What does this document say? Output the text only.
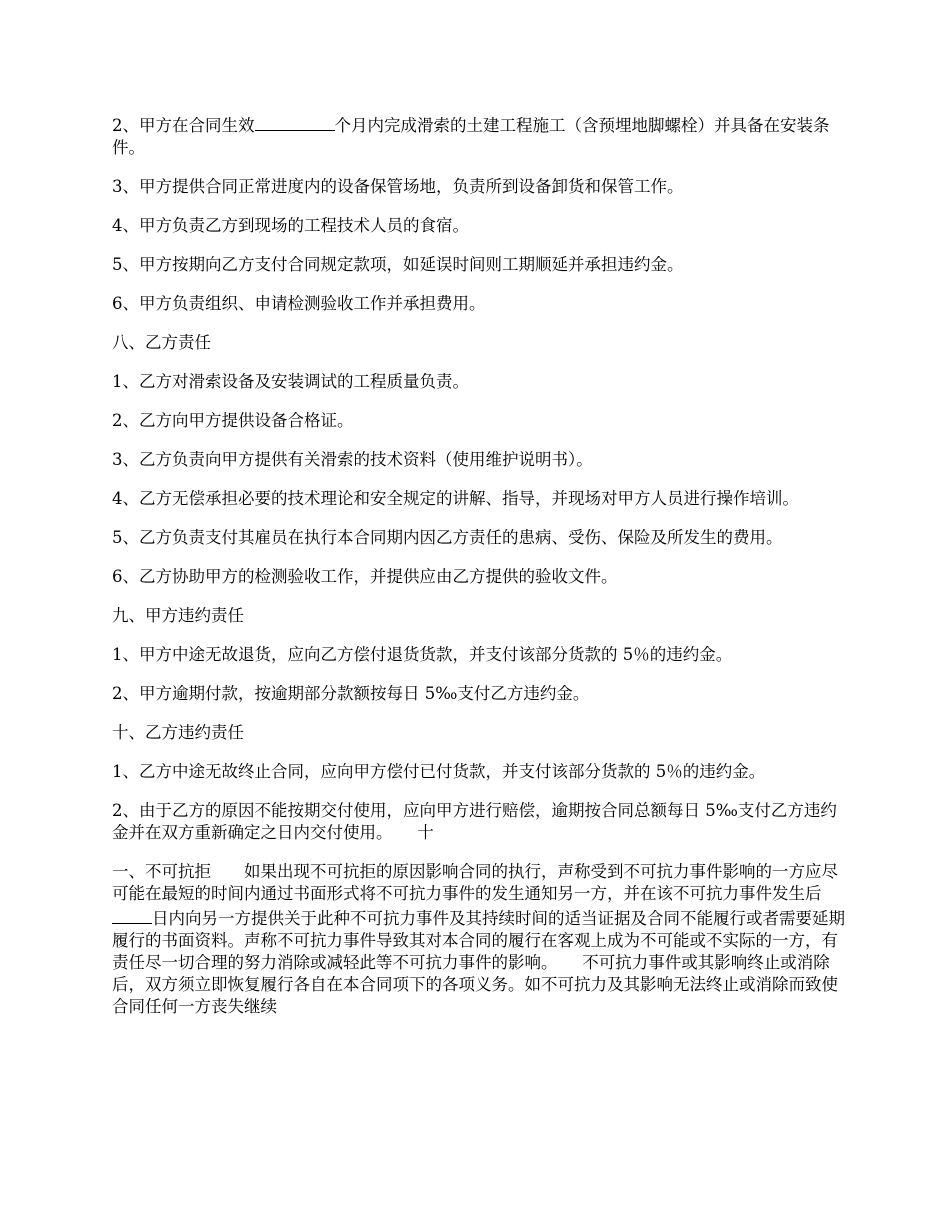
2、甲方在合同生效	个月内完成滑索的土建工程施工（含预埋地脚螺栓）并具备在安装条件。

3、甲方提供合同正常进度内的设备保管场地，负责所到设备卸货和保管工作。

4、甲方负责乙方到现场的工程技术人员的食宿。

5、甲方按期向乙方支付合同规定款项，如延误时间则工期顺延并承担违约金。

6、甲方负责组织、申请检测验收工作并承担费用。

八、乙方责任

1、乙方对滑索设备及安装调试的工程质量负责。

2、乙方向甲方提供设备合格证。

3、乙方负责向甲方提供有关滑索的技术资料（使用维护说明书）。

4、乙方无偿承担必要的技术理论和安全规定的讲解、指导，并现场对甲方人员进行操作培训。

5、乙方负责支付其雇员在执行本合同期内因乙方责任的患病、受伤、保险及所发生的费用。

6、乙方协助甲方的检测验收工作，并提供应由乙方提供的验收文件。

九、甲方违约责任

1、甲方中途无故退货，应向乙方偿付退货货款，并支付该部分货款的 5％的违约金。

2、甲方逾期付款，按逾期部分款额按每日 5‰支付乙方违约金。

十、乙方违约责任

1、乙方中途无故终止合同，应向甲方偿付已付货款，并支付该部分货款的 5％的违约金。

2、由于乙方的原因不能按期交付使用，应向甲方进行赔偿，逾期按合同总额每日 5‰支付乙方违约金并在双方重新确定之日内交付使用。　　十

一、不可抗拒　　如果出现不可抗拒的原因影响合同的执行，声称受到不可抗力事件影响的一方应尽可能在最短的时间内通过书面形式将不可抗力事件的发生通知另一方，并在该不可抗力事件发生后日内向另一方提供关于此种不可抗力事件及其持续时间的适当证据及合同不能履行或者需要延期履行的书面资料。声称不可抗力事件导致其对本合同的履行在客观上成为不可能或不实际的一方，有责任尽一切合理的努力消除或减轻此等不可抗力事件的影响。　　不可抗力事件或其影响终止或消除后，双方须立即恢复履行各自在本合同项下的各项义务。如不可抗力及其影响无法终止或消除而致使合同任何一方丧失继续
